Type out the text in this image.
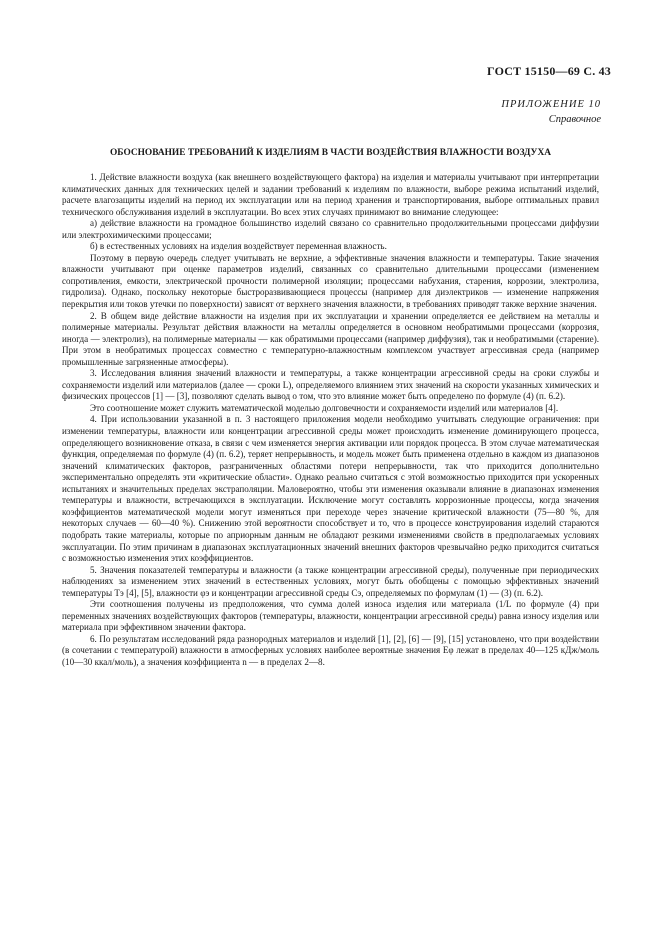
ГОСТ 15150—69 С. 43
ПРИЛОЖЕНИЕ 10
Справочное
ОБОСНОВАНИЕ ТРЕБОВАНИЙ К ИЗДЕЛИЯМ В ЧАСТИ ВОЗДЕЙСТВИЯ ВЛАЖНОСТИ ВОЗДУХА

1. Действие влажности воздуха (как внешнего воздействующего фактора) на изделия и материалы учитывают при интерпретации климатических данных для технических целей и задании требований к изделиям по влажности, выборе режима испытаний изделий, расчете влагозащиты изделий на период их эксплуатации или на период хранения и транспортирования, выборе оптимальных правил технического обслуживания изделий в эксплуатации. Во всех этих случаях принимают во внимание следующее:

а) действие влажности на громадное большинство изделий связано со сравнительно продолжительными процессами диффузии или электрохимическими процессами;

б) в естественных условиях на изделия воздействует переменная влажность.

Поэтому в первую очередь следует учитывать не верхние, а эффективные значения влажности и температуры. Такие значения влажности учитывают при оценке параметров изделий, связанных со сравнительно длительными процессами (изменением сопротивления, емкости, электрической прочности полимерной изоляции; процессами набухания, старения, коррозии, электролиза, гидролиза). Однако, поскольку некоторые быстроразвивающиеся процессы (например для диэлектриков — изменение напряжения перекрытия или токов утечки по поверхности) зависят от верхнего значения влажности, в требованиях приводят также верхние значения.

2. В общем виде действие влажности на изделия при их эксплуатации и хранении определяется ее действием на металлы и полимерные материалы. Результат действия влажности на металлы определяется в основном необратимыми процессами (коррозия, иногда — электролиз), на полимерные материалы — как обратимыми процессами (например диффузия), так и необратимыми (старение). При этом в необратимых процессах совместно с температурно-влажностным комплексом участвует агрессивная среда (например промышленные загрязненные атмосферы).

3. Исследования влияния значений влажности и температуры, а также концентрации агрессивной среды на сроки службы и сохраняемости изделий или материалов (далее — сроки L), определяемого влиянием этих значений на скорости указанных химических и физических процессов [1] — [3], позволяют сделать вывод о том, что это влияние может быть определено по формуле (4) (п. 6.2).

Это соотношение может служить математической моделью долговечности и сохраняемости изделий или материалов [4].

4. При использовании указанной в п. 3 настоящего приложения модели необходимо учитывать следующие ограничения: при изменении температуры, влажности или концентрации агрессивной среды может происходить изменение доминирующего процесса, определяющего возникновение отказа, в связи с чем изменяется энергия активации или порядок процесса. В этом случае математическая функция, определяемая по формуле (4) (п. 6.2), теряет непрерывность, и модель может быть применена отдельно в каждом из диапазонов значений климатических факторов, разграниченных областями потери непрерывности, так что приходится дополнительно экспериментально определять эти «критические области». Однако реально считаться с этой возможностью приходится при ускоренных испытаниях и значительных пределах экстраполяции. Маловероятно, чтобы эти изменения оказывали влияние в диапазонах изменения температуры и влажности, встречающихся в эксплуатации. Исключение могут составлять коррозионные процессы, когда значения коэффициентов математической модели могут изменяться при переходе через значение критической влажности (75—80 %, для некоторых случаев — 60—40 %). Снижению этой вероятности способствует и то, что в процессе конструирования изделий стараются подобрать такие материалы, которые по априорным данным не обладают резкими изменениями свойств в предполагаемых условиях эксплуатации. По этим причинам в диапазонах эксплуатационных значений внешних факторов чрезвычайно редко приходится считаться с возможностью изменения этих коэффициентов.

5. Значения показателей температуры и влажности (а также концентрации агрессивной среды), полученные при периодических наблюдениях за изменением этих значений в естественных условиях, могут быть обобщены с помощью эффективных значений температуры Tэ [4], [5], влажности φэ и концентрации агрессивной среды Cэ, определяемых по формулам (1) — (3) (п. 6.2).

Эти соотношения получены из предположения, что сумма долей износа изделия или материала (1/L по формуле (4) при переменных значениях воздействующих факторов (температуры, влажности, концентрации агрессивной среды) равна износу изделия или материала при эффективном значении фактора.

6. По результатам исследований ряда разнородных материалов и изделий [1], [2], [6] — [9], [15] установлено, что при воздействии (в сочетании с температурой) влажности в атмосферных условиях наиболее вероятные значения Eφ лежат в пределах 40—125 кДж/моль (10—30 ккал/моль), а значения коэффициента n — в пределах 2—8.
